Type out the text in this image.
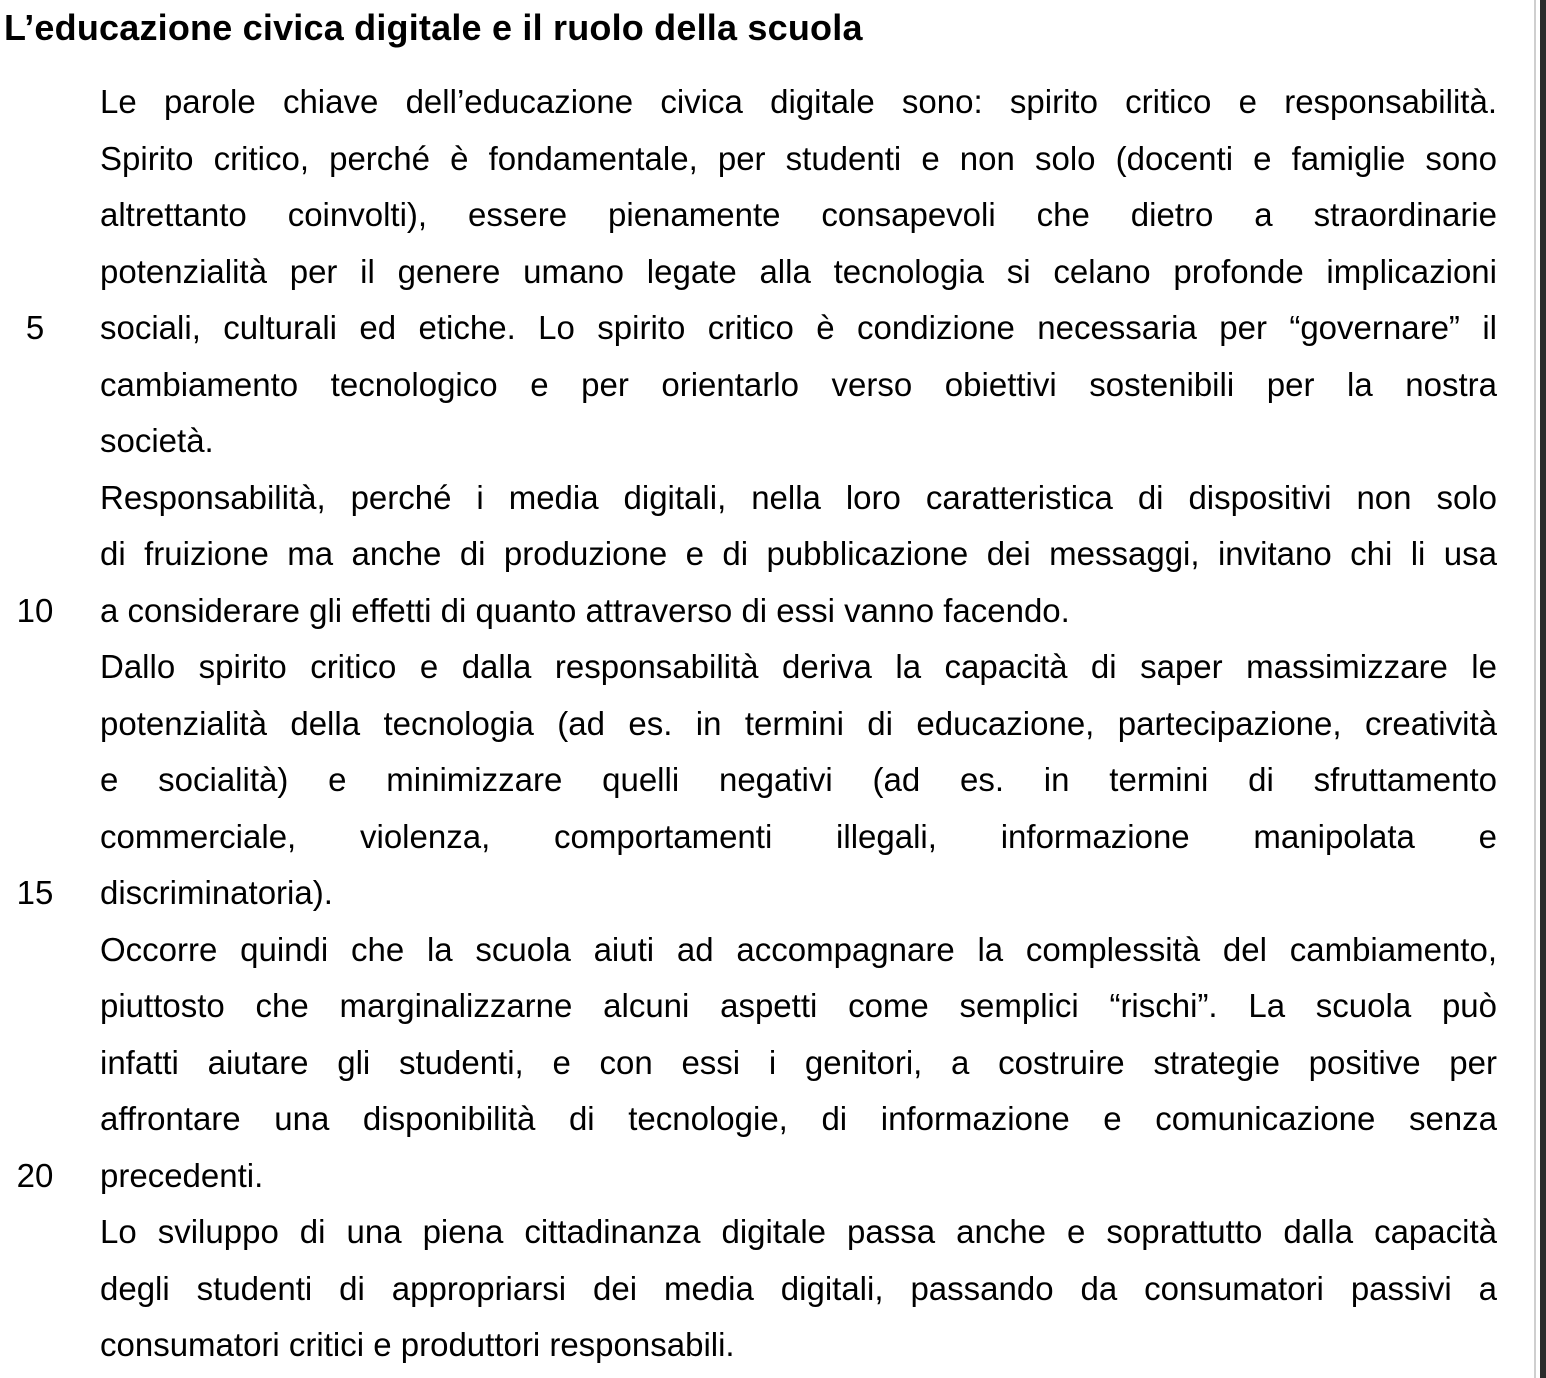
L’educazione civica digitale e il ruolo della scuola
Le parole chiave dell’educazione civica digitale sono: spirito critico e responsabilità.
Spirito critico, perché è fondamentale, per studenti e non solo (docenti e famiglie sono
altrettanto coinvolti), essere pienamente consapevoli che dietro a straordinarie
potenzialità per il genere umano legate alla tecnologia si celano profonde implicazioni
sociali, culturali ed etiche. Lo spirito critico è condizione necessaria per “governare” il
cambiamento tecnologico e per orientarlo verso obiettivi sostenibili per la nostra
società.
Responsabilità, perché i media digitali, nella loro caratteristica di dispositivi non solo
di fruizione ma anche di produzione e di pubblicazione dei messaggi, invitano chi li usa
a considerare gli effetti di quanto attraverso di essi vanno facendo.
Dallo spirito critico e dalla responsabilità deriva la capacità di saper massimizzare le
potenzialità della tecnologia (ad es. in termini di educazione, partecipazione, creatività
e socialità) e minimizzare quelli negativi (ad es. in termini di sfruttamento
commerciale, violenza, comportamenti illegali, informazione manipolata e
discriminatoria).
Occorre quindi che la scuola aiuti ad accompagnare la complessità del cambiamento,
piuttosto che marginalizzarne alcuni aspetti come semplici “rischi”. La scuola può
infatti aiutare gli studenti, e con essi i genitori, a costruire strategie positive per
affrontare una disponibilità di tecnologie, di informazione e comunicazione senza
precedenti.
Lo sviluppo di una piena cittadinanza digitale passa anche e soprattutto dalla capacità
degli studenti di appropriarsi dei media digitali, passando da consumatori passivi a
consumatori critici e produttori responsabili.
5
10
15
20
